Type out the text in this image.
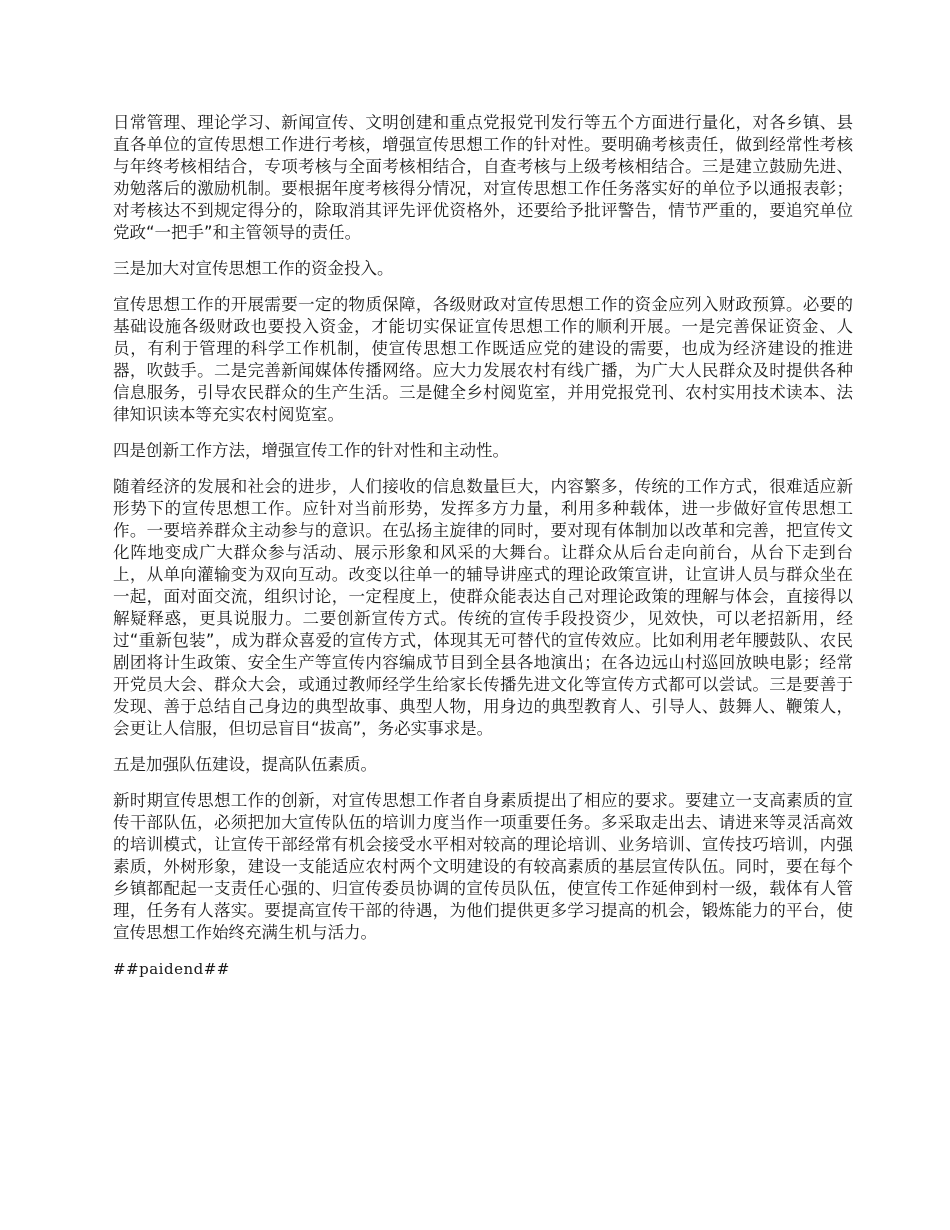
日常管理、理论学习、新闻宣传、文明创建和重点党报党刊发行等五个方面进行量化，对各乡镇、县直各单位的宣传思想工作进行考核，增强宣传思想工作的针对性。要明确考核责任，做到经常性考核与年终考核相结合，专项考核与全面考核相结合，自查考核与上级考核相结合。三是建立鼓励先进、劝勉落后的激励机制。要根据年度考核得分情况，对宣传思想工作任务落实好的单位予以通报表彰；对考核达不到规定得分的，除取消其评先评优资格外，还要给予批评警告，情节严重的，要追究单位党政“一把手”和主管领导的责任。

三是加大对宣传思想工作的资金投入。

宣传思想工作的开展需要一定的物质保障，各级财政对宣传思想工作的资金应列入财政预算。必要的基础设施各级财政也要投入资金，才能切实保证宣传思想工作的顺利开展。一是完善保证资金、人员，有利于管理的科学工作机制，使宣传思想工作既适应党的建设的需要，也成为经济建设的推进器，吹鼓手。二是完善新闻媒体传播网络。应大力发展农村有线广播，为广大人民群众及时提供各种信息服务，引导农民群众的生产生活。三是健全乡村阅览室，并用党报党刊、农村实用技术读本、法律知识读本等充实农村阅览室。

四是创新工作方法，增强宣传工作的针对性和主动性。

随着经济的发展和社会的进步，人们接收的信息数量巨大，内容繁多，传统的工作方式，很难适应新形势下的宣传思想工作。应针对当前形势，发挥多方力量，利用多种载体，进一步做好宣传思想工作。一要培养群众主动参与的意识。在弘扬主旋律的同时，要对现有体制加以改革和完善，把宣传文化阵地变成广大群众参与活动、展示形象和风采的大舞台。让群众从后台走向前台，从台下走到台上，从单向灌输变为双向互动。改变以往单一的辅导讲座式的理论政策宣讲，让宣讲人员与群众坐在一起，面对面交流，组织讨论，一定程度上，使群众能表达自己对理论政策的理解与体会，直接得以解疑释惑，更具说服力。二要创新宣传方式。传统的宣传手段投资少，见效快，可以老招新用，经过“重新包装”，成为群众喜爱的宣传方式，体现其无可替代的宣传效应。比如利用老年腰鼓队、农民剧团将计生政策、安全生产等宣传内容编成节目到全县各地演出；在各边远山村巡回放映电影；经常开党员大会、群众大会，或通过教师经学生给家长传播先进文化等宣传方式都可以尝试。三是要善于发现、善于总结自己身边的典型故事、典型人物，用身边的典型教育人、引导人、鼓舞人、鞭策人，会更让人信服，但切忌盲目“拔高”，务必实事求是。

五是加强队伍建设，提高队伍素质。

新时期宣传思想工作的创新，对宣传思想工作者自身素质提出了相应的要求。要建立一支高素质的宣传干部队伍，必须把加大宣传队伍的培训力度当作一项重要任务。多采取走出去、请进来等灵活高效的培训模式，让宣传干部经常有机会接受水平相对较高的理论培训、业务培训、宣传技巧培训，内强素质，外树形象，建设一支能适应农村两个文明建设的有较高素质的基层宣传队伍。同时，要在每个乡镇都配起一支责任心强的、归宣传委员协调的宣传员队伍，使宣传工作延伸到村一级，载体有人管理，任务有人落实。要提高宣传干部的待遇，为他们提供更多学习提高的机会，锻炼能力的平台，使宣传思想工作始终充满生机与活力。

##paidend##
